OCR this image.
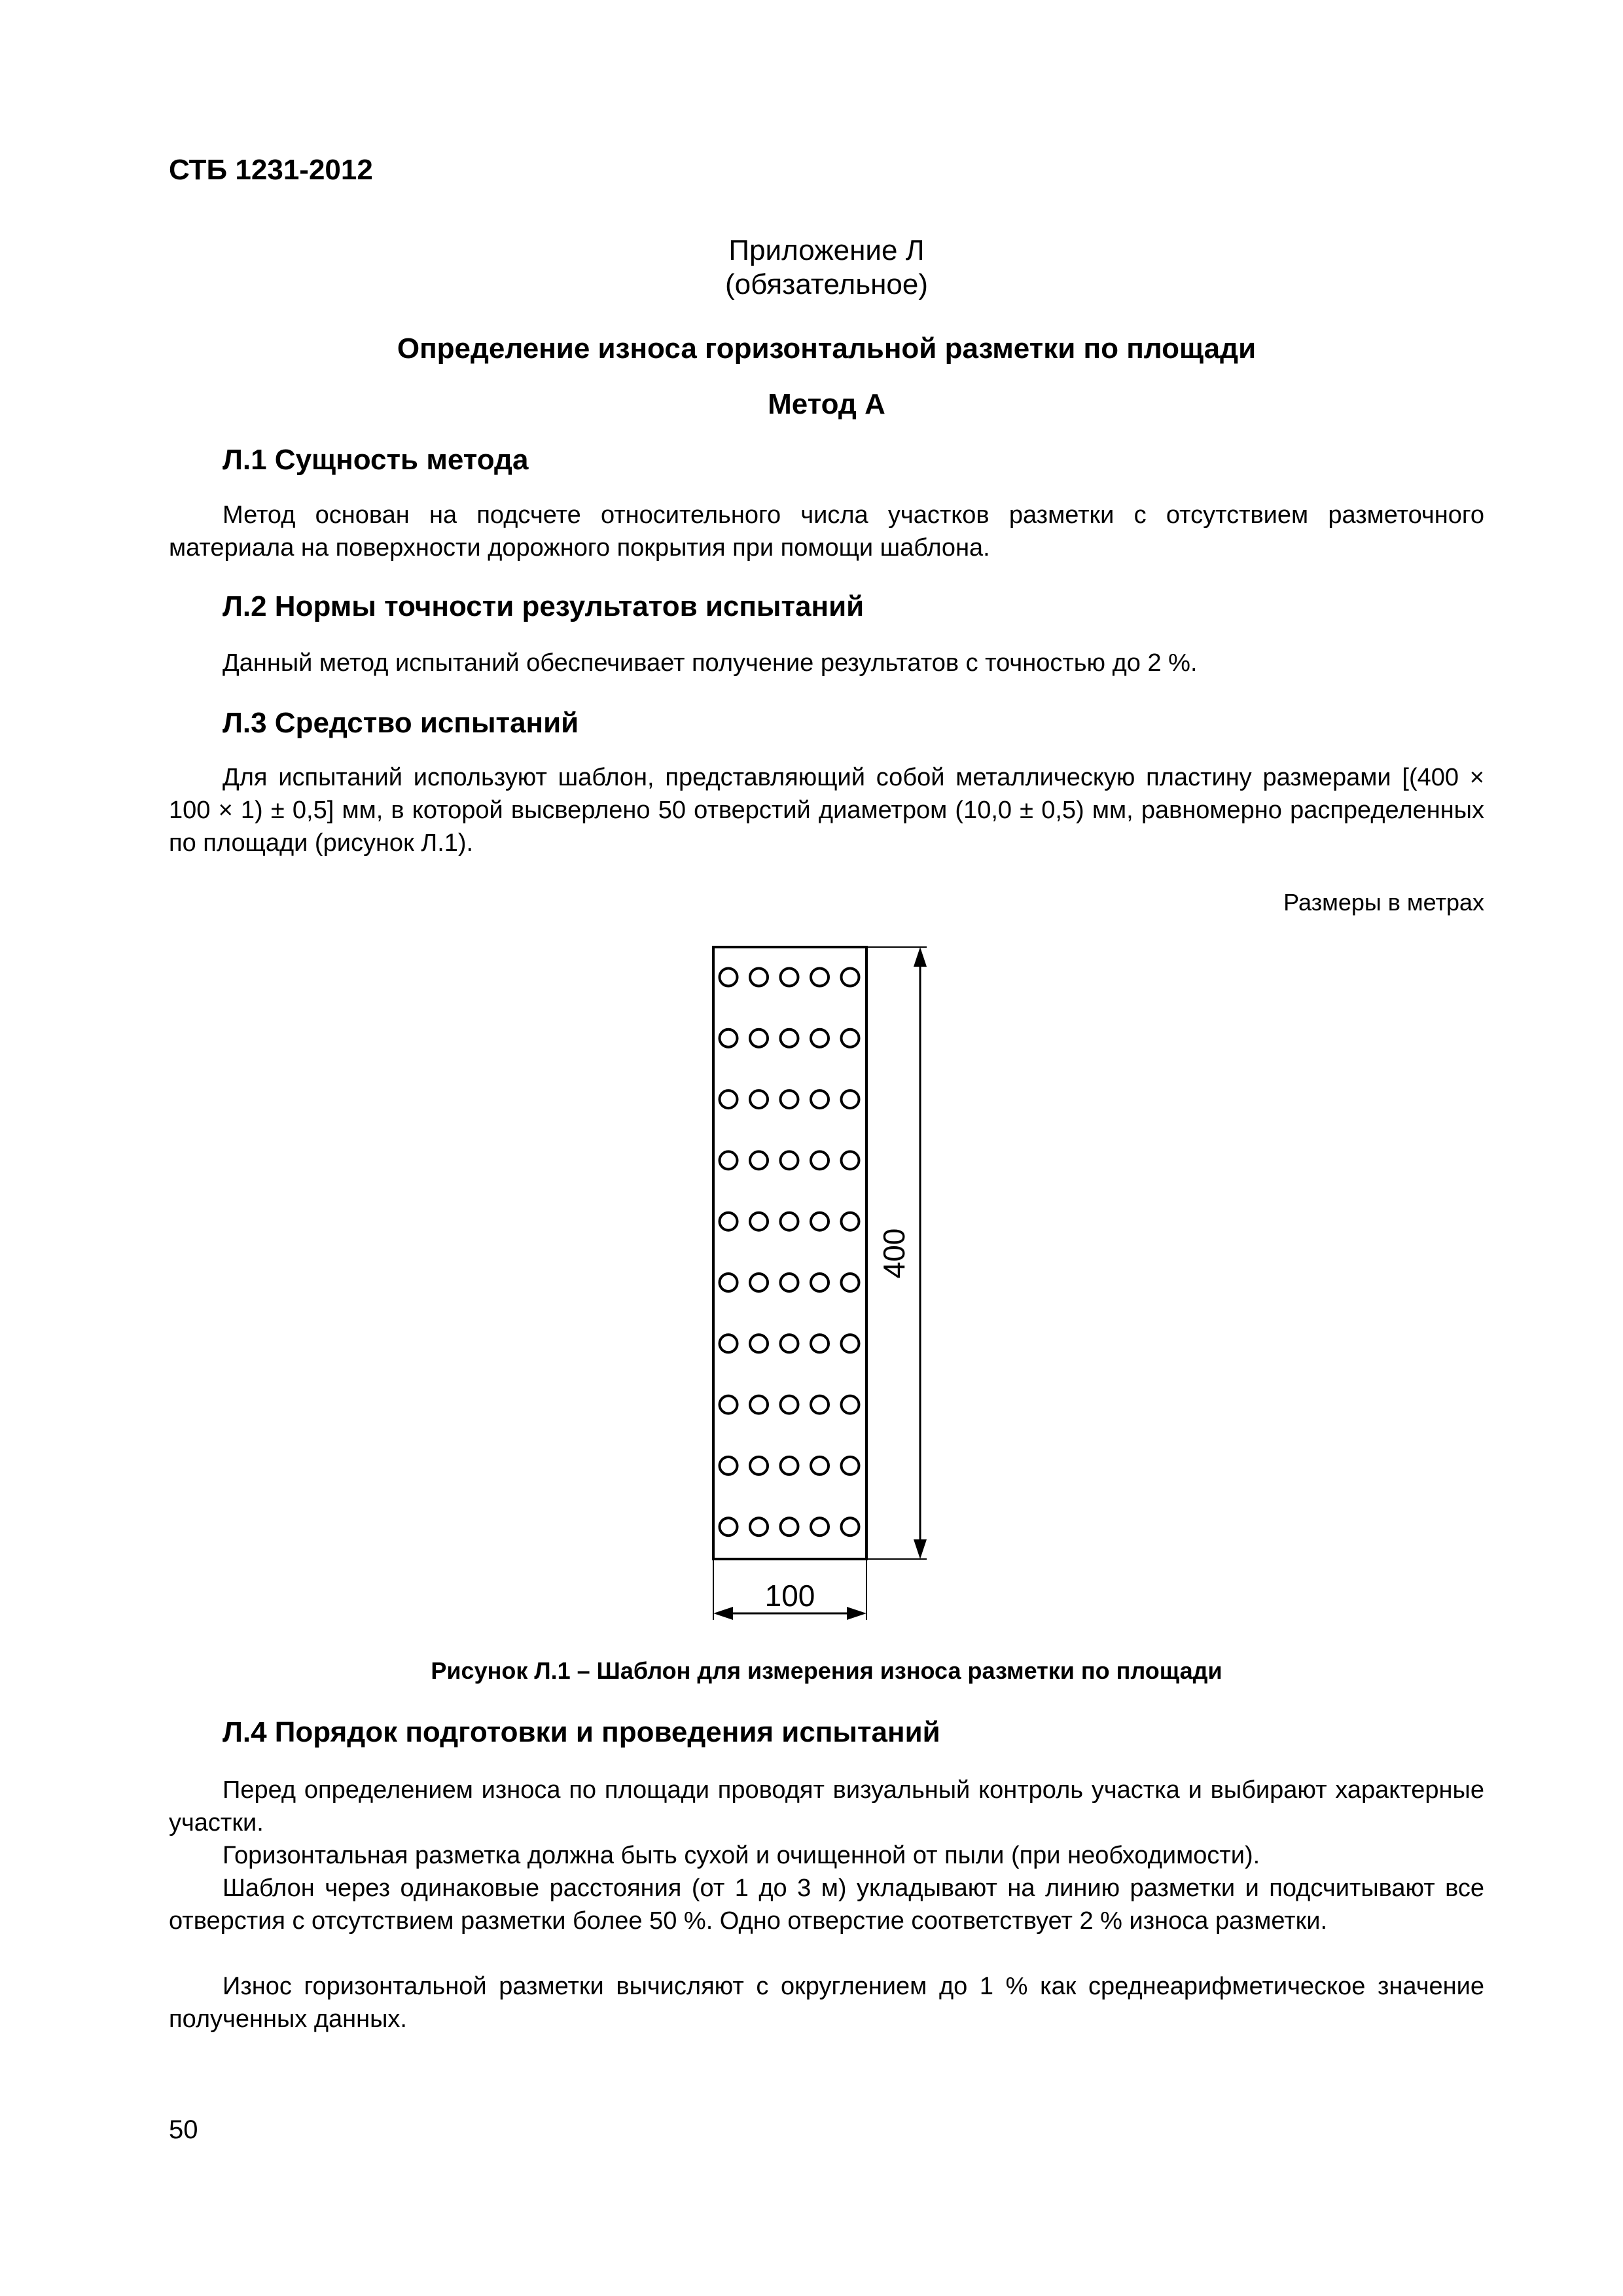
СТБ 1231-2012
Приложение Л
(обязательное)
Определение износа горизонтальной разметки по площади
Метод А
Л.1 Сущность метода
Метод основан на подсчете относительного числа участков разметки с отсутствием разметочного материала на поверхности дорожного покрытия при помощи шаблона.
Л.2 Нормы точности результатов испытаний
Данный метод испытаний обеспечивает получение результатов с точностью до 2 %.
Л.3 Средство испытаний
Для испытаний используют шаблон, представляющий собой металлическую пластину размерами [(400 × 100 × 1) ± 0,5] мм, в которой высверлено 50 отверстий диаметром (10,0 ± 0,5) мм, равномерно распределенных по площади (рисунок Л.1).
Размеры в метрах
400
100
Рисунок Л.1 – Шаблон для измерения износа разметки по площади
Л.4 Порядок подготовки и проведения испытаний
Перед определением износа по площади проводят визуальный контроль участка и выбирают характерные участки.
Горизонтальная разметка должна быть сухой и очищенной от пыли (при необходимости).
Шаблон через одинаковые расстояния (от 1 до 3 м) укладывают на линию разметки и подсчитывают все отверстия с отсутствием разметки более 50 %. Одно отверстие соответствует 2 % износа разметки.
Износ горизонтальной разметки вычисляют с округлением до 1 % как среднеарифметическое значение полученных данных.
50
